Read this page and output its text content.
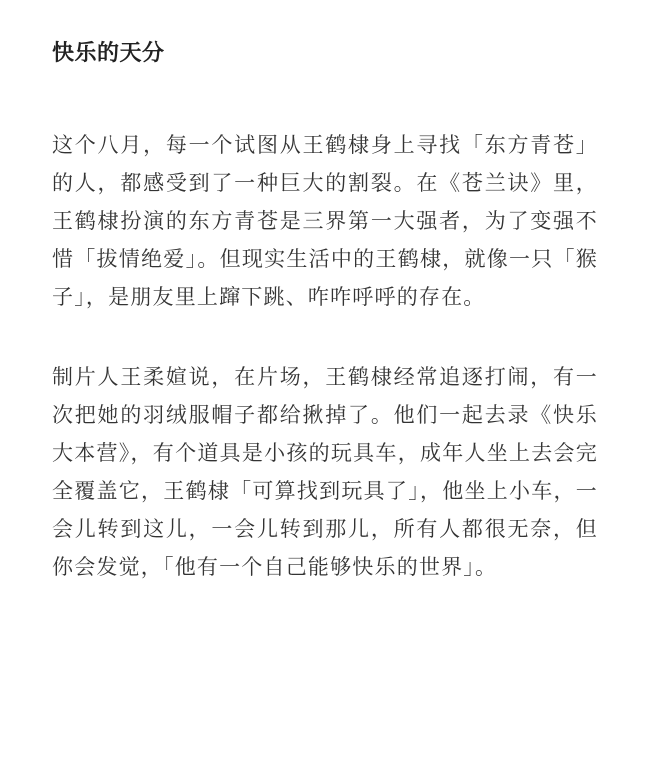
快乐的天分

这个八月，每一个试图从王鹤棣身上寻找「东方青苍」的人，都感受到了一种巨大的割裂。在《苍兰诀》里，王鹤棣扮演的东方青苍是三界第一大强者，为了变强不惜「拔情绝爱」。但现实生活中的王鹤棣，就像一只「猴子」，是朋友里上蹿下跳、咋咋呼呼的存在。

制片人王柔媗说，在片场，王鹤棣经常追逐打闹，有一次把她的羽绒服帽子都给揪掉了。他们一起去录《快乐大本营》，有个道具是小孩的玩具车，成年人坐上去会完全覆盖它，王鹤棣「可算找到玩具了」，他坐上小车，一会儿转到这儿，一会儿转到那儿，所有人都很无奈，但你会发觉，「他有一个自己能够快乐的世界」。
